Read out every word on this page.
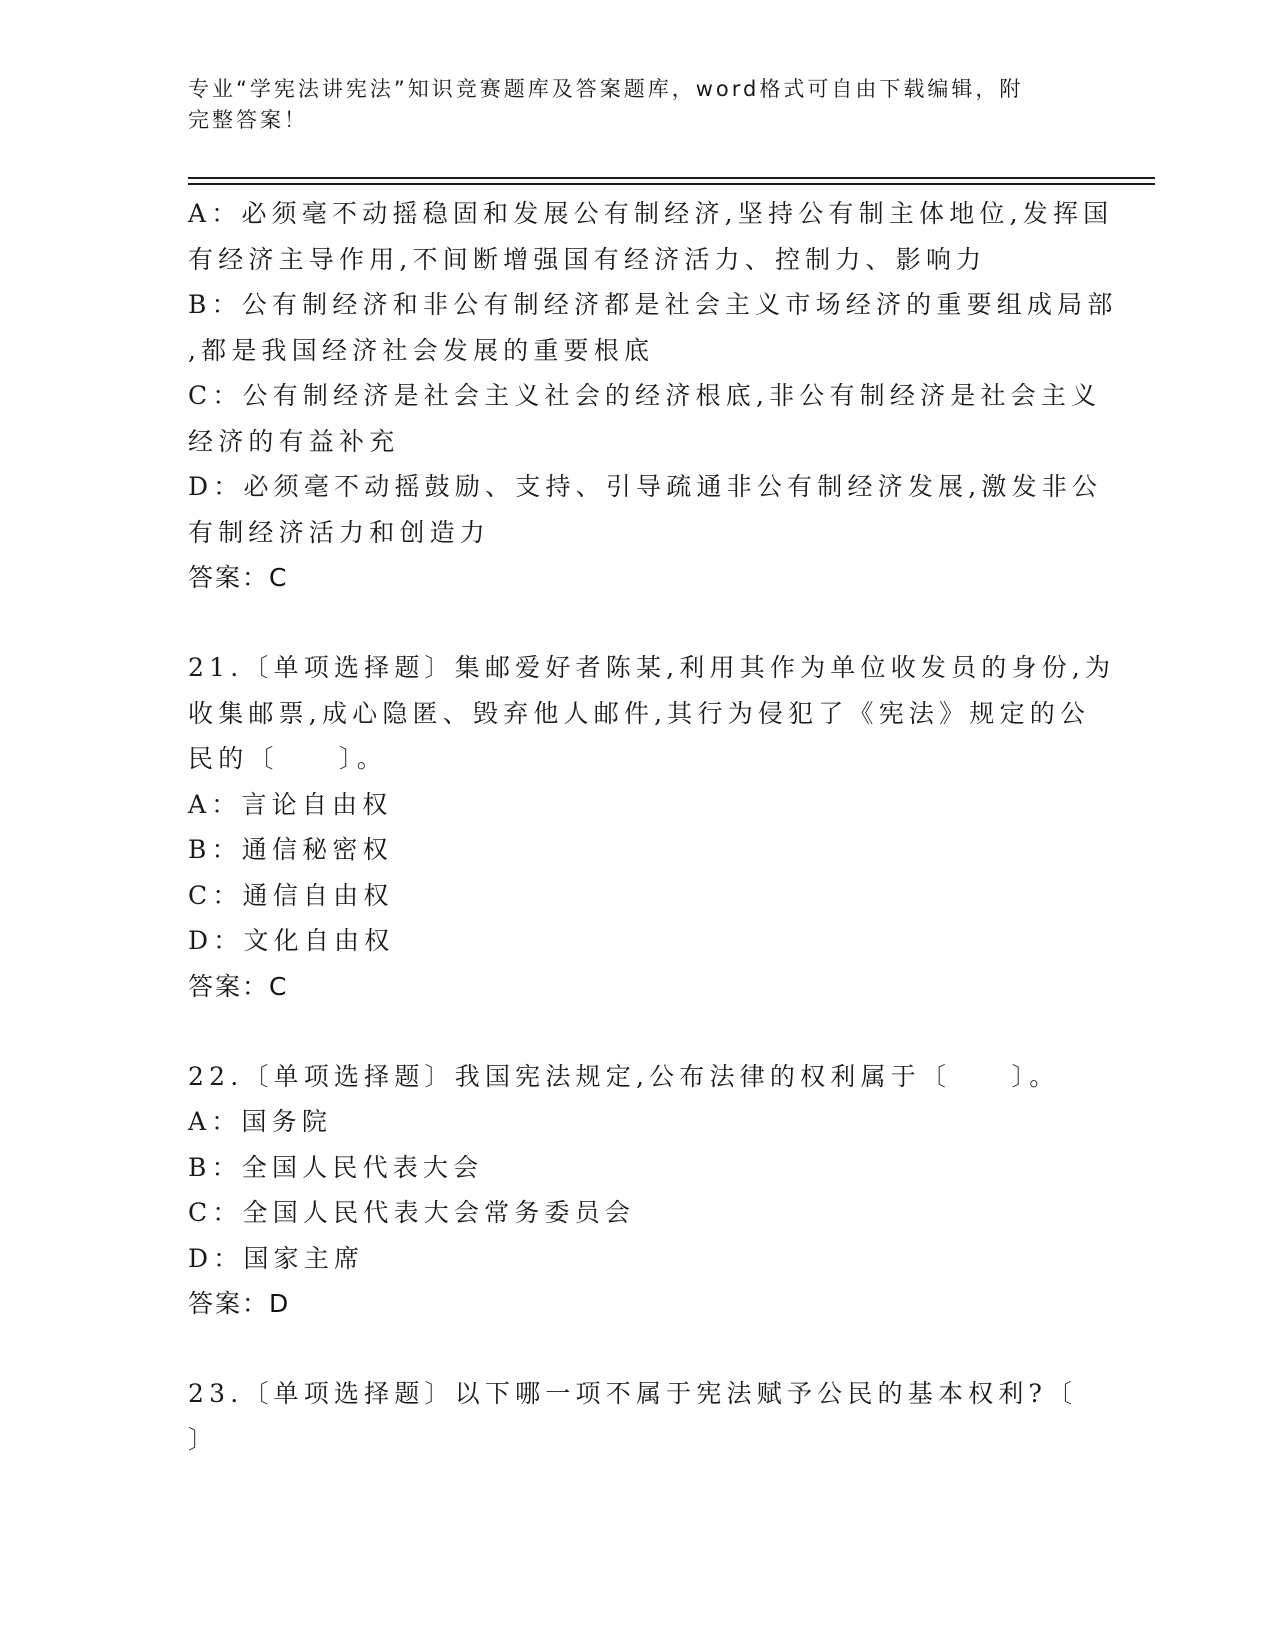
专业“学宪法讲宪法”知识竞赛题库及答案题库，word格式可自由下载编辑，附
完整答案！
A：必须毫不动摇稳固和发展公有制经济,坚持公有制主体地位,发挥国
有经济主导作用,不间断增强国有经济活力、控制力、影响力
B：公有制经济和非公有制经济都是社会主义市场经济的重要组成局部
,都是我国经济社会发展的重要根底
C：公有制经济是社会主义社会的经济根底,非公有制经济是社会主义
经济的有益补充
D：必须毫不动摇鼓励、支持、引导疏通非公有制经济发展,激发非公
有制经济活力和创造力
答案：C
21.〔单项选择题〕集邮爱好者陈某,利用其作为单位收发员的身份,为
收集邮票,成心隐匿、毁弃他人邮件,其行为侵犯了《宪法》规定的公
民的〔　　〕。
A：言论自由权
B：通信秘密权
C：通信自由权
D：文化自由权
答案：C
22.〔单项选择题〕我国宪法规定,公布法律的权利属于〔　　〕。
A：国务院
B：全国人民代表大会
C：全国人民代表大会常务委员会
D：国家主席
答案：D
23.〔单项选择题〕以下哪一项不属于宪法赋予公民的基本权利?〔
〕
